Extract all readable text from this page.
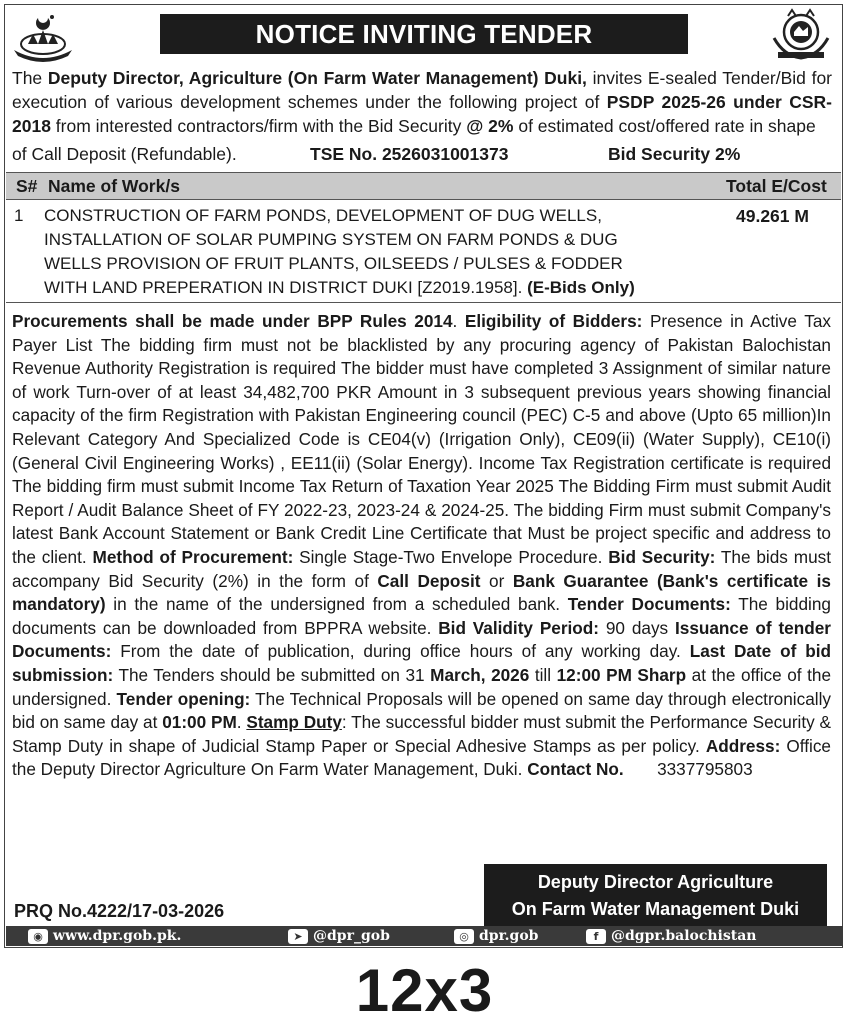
NOTICE INVITING TENDER
The Deputy Director, Agriculture (On Farm Water Management) Duki, invites E-sealed Tender/Bid for execution of various development schemes under the following project of PSDP 2025-26 under CSR-2018 from interested contractors/firm with the Bid Security @ 2% of estimated cost/offered rate in shape
of Call Deposit (Refundable).	TSE No. 2526031001373	Bid Security 2%
S# Name of Work/s	Total E/Cost
1 CONSTRUCTION OF FARM PONDS, DEVELOPMENT OF DUG WELLS,
INSTALLATION OF SOLAR PUMPING SYSTEM ON FARM PONDS & DUG
WELLS PROVISION OF FRUIT PLANTS, OILSEEDS / PULSES & FODDER
WITH LAND PREPERATION IN DISTRICT DUKI [Z2019.1958]. (E-Bids Only)
49.261 M
Procurements shall be made under BPP Rules 2014. Eligibility of Bidders: Presence in Active Tax Payer List The bidding firm must not be blacklisted by any procuring agency of Pakistan Balochistan Revenue Authority Registration is required The bidder must have completed 3 Assignment of similar nature of work Turn-over of at least 34,482,700 PKR Amount in 3 subsequent previous years showing financial capacity of the firm Registration with Pakistan Engineering council (PEC) C-5 and above (Upto 65 million)In Relevant Category And Specialized Code is CE04(v) (Irrigation Only), CE09(ii) (Water Supply), CE10(i) (General Civil Engineering Works) , EE11(ii) (Solar Energy). Income Tax Registration certificate is required The bidding firm must submit Income Tax Return of Taxation Year 2025 The Bidding Firm must submit Audit Report / Audit Balance Sheet of FY 2022-23, 2023-24 & 2024-25. The bidding Firm must submit Company's latest Bank Account Statement or Bank Credit Line Certificate that Must be project specific and address to the client. Method of Procurement: Single Stage-Two Envelope Procedure. Bid Security: The bids must accompany Bid Security (2%) in the form of Call Deposit or Bank Guarantee (Bank's certificate is mandatory) in the name of the undersigned from a scheduled bank. Tender Documents: The bidding documents can be downloaded from BPPRA website. Bid Validity Period: 90 days Issuance of tender Documents: From the date of publication, during office hours of any working day. Last Date of bid submission: The Tenders should be submitted on 31 March, 2026 till 12:00 PM Sharp at the office of the undersigned. Tender opening: The Technical Proposals will be opened on same day through electronically bid on same day at 01:00 PM. Stamp Duty: The successful bidder must submit the Performance Security & Stamp Duty in shape of Judicial Stamp Paper or Special Adhesive Stamps as per policy. Address: Office the Deputy Director Agriculture On Farm Water Management, Duki. Contact No. 3337795803
PRQ No.4222/17-03-2026
Deputy Director Agriculture
On Farm Water Management Duki
◉ www.dpr.gob.pk.	➤ @dpr_gob	◎ dpr.gob	f @dgpr.balochistan
12x3
